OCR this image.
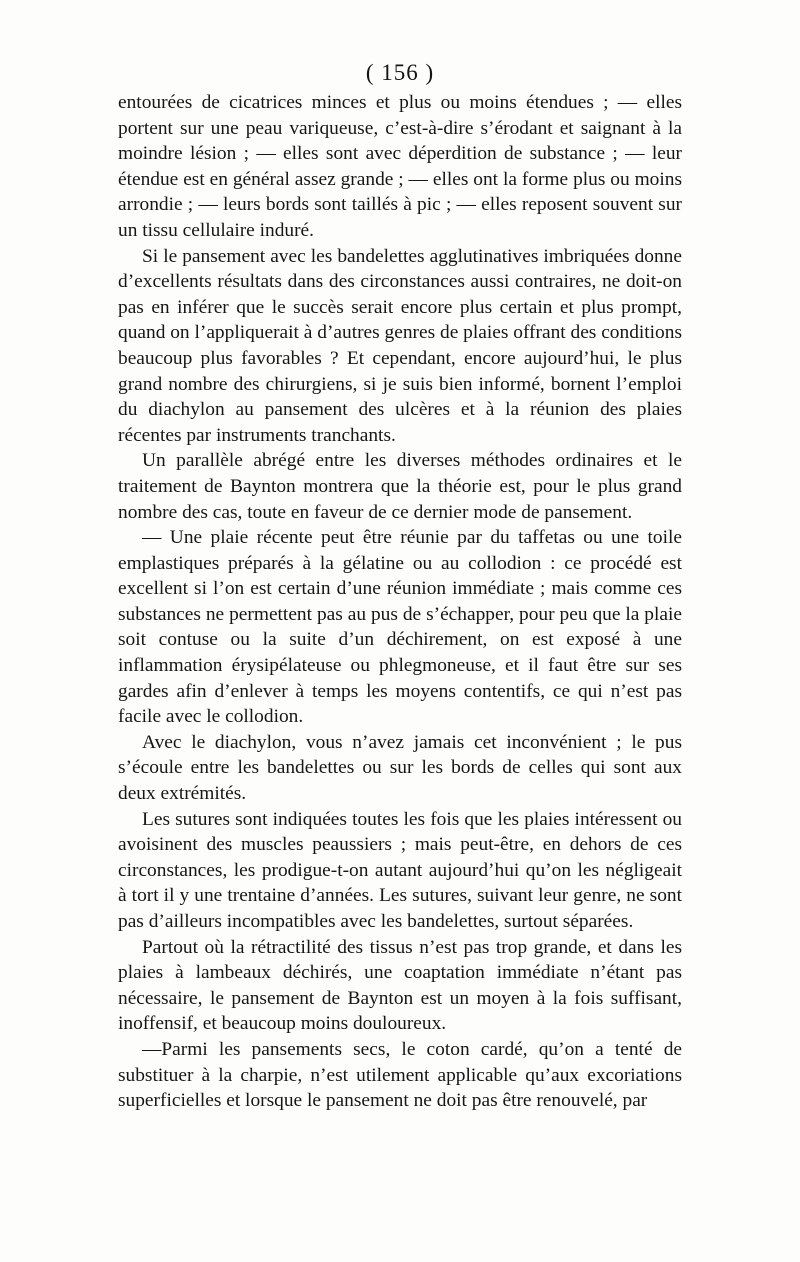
( 156 )

entourées de cicatrices minces et plus ou moins étendues ; — elles portent sur une peau variqueuse, c’est-à-dire s’érodant et saignant à la moindre lésion ; — elles sont avec déperdition de substance ; — leur étendue est en général assez grande ; — elles ont la forme plus ou moins arrondie ; — leurs bords sont taillés à pic ; — elles reposent souvent sur un tissu cellulaire induré.

Si le pansement avec les bandelettes agglutinatives imbriquées donne d’excellents résultats dans des circonstances aussi contraires, ne doit-on pas en inférer que le succès serait encore plus certain et plus prompt, quand on l’appliquerait à d’autres genres de plaies offrant des conditions beaucoup plus favorables ? Et cependant, encore aujourd’hui, le plus grand nombre des chirurgiens, si je suis bien informé, bornent l’emploi du diachylon au pansement des ulcères et à la réunion des plaies récentes par instruments tranchants.

Un parallèle abrégé entre les diverses méthodes ordinaires et le traitement de Baynton montrera que la théorie est, pour le plus grand nombre des cas, toute en faveur de ce dernier mode de pansement.

— Une plaie récente peut être réunie par du taffetas ou une toile emplastiques préparés à la gélatine ou au collodion : ce procédé est excellent si l’on est certain d’une réunion immédiate ; mais comme ces substances ne permettent pas au pus de s’échapper, pour peu que la plaie soit contuse ou la suite d’un déchirement, on est exposé à une inflammation érysipélateuse ou phlegmoneuse, et il faut être sur ses gardes afin d’enlever à temps les moyens contentifs, ce qui n’est pas facile avec le collodion.

Avec le diachylon, vous n’avez jamais cet inconvénient ; le pus s’écoule entre les bandelettes ou sur les bords de celles qui sont aux deux extrémités.

Les sutures sont indiquées toutes les fois que les plaies intéressent ou avoisinent des muscles peaussiers ; mais peut-être, en dehors de ces circonstances, les prodigue-t-on autant aujourd’hui qu’on les négligeait à tort il y une trentaine d’années. Les sutures, suivant leur genre, ne sont pas d’ailleurs incompatibles avec les bandelettes, surtout séparées.

Partout où la rétractilité des tissus n’est pas trop grande, et dans les plaies à lambeaux déchirés, une coaptation immédiate n’étant pas nécessaire, le pansement de Baynton est un moyen à la fois suffisant, inoffensif, et beaucoup moins douloureux.

—Parmi les pansements secs, le coton cardé, qu’on a tenté de substituer à la charpie, n’est utilement applicable qu’aux excoriations superficielles et lorsque le pansement ne doit pas être renouvelé, par
